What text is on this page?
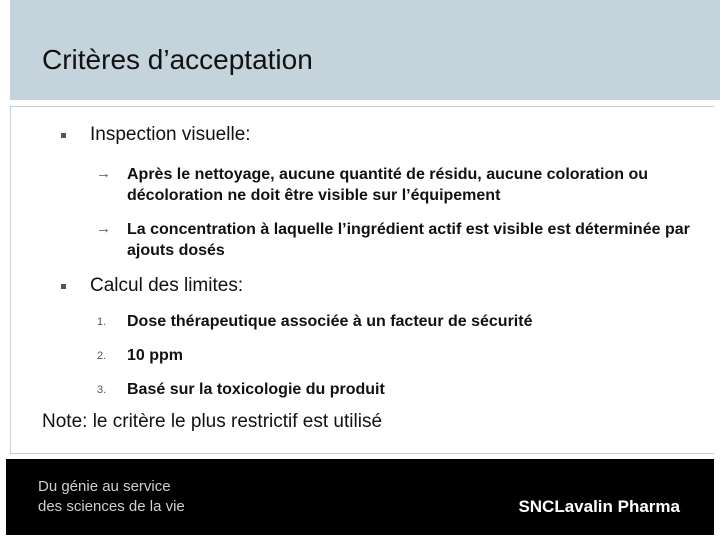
Critères d’acceptation
Inspection visuelle:
→ Après le nettoyage, aucune quantité de résidu, aucune coloration ou décoloration ne doit être visible sur l’équipement
→ La concentration à laquelle l’ingrédient actif est visible est déterminée par ajouts dosés
Calcul des limites:
1. Dose thérapeutique associée à un facteur de sécurité
2. 10 ppm
3. Basé sur la toxicologie du produit
Note: le critère le plus restrictif est utilisé
Du génie au service
des sciences de la vie	SNCLavalin Pharma
